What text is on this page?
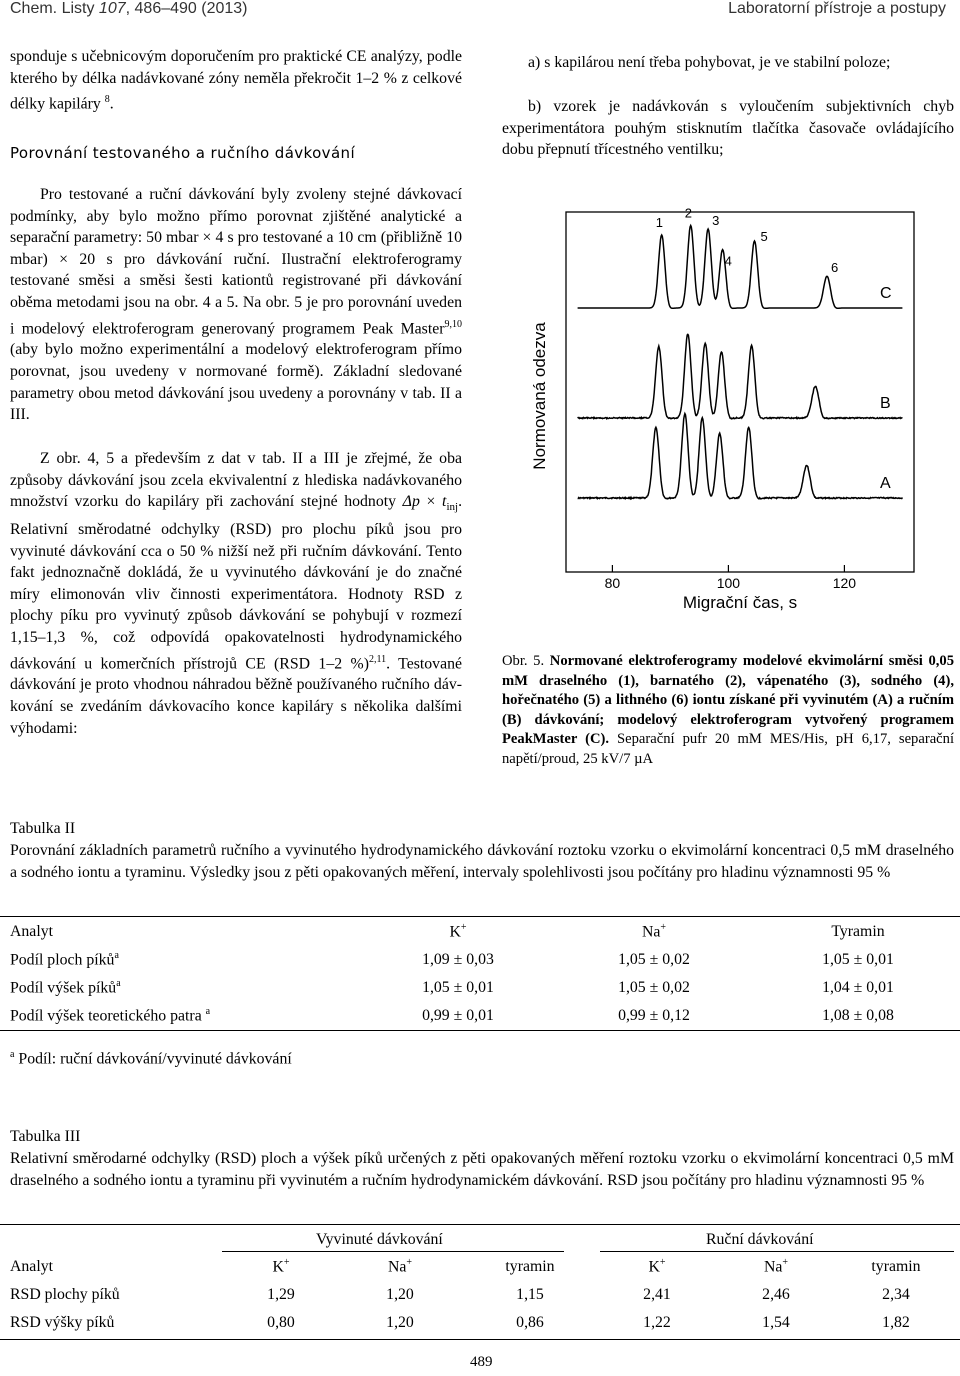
Chem. Listy 107, 486–490 (2013)	Laboratorní přístroje a postupy
sponduje s učebnicovým doporučením pro praktické CE analýzy, podle kterého by délka nadávkované zóny neměla překročit 1–2 % z celkové délky kapiláry $^8$.
Porovnání testovaného a ručního dávkování
Pro testované a ruční dávkování byly zvoleny stejné dávkovací podmínky, aby bylo možno přímo porovnat zjištěné analytické a separační parametry: 50 mbar × 4 s pro testované a 10 cm (přibližně 10 mbar) × 20 s pro dávkování ruční. Ilustrační elektroferogramy testované směsi a směsi šesti kationtů registrované při dávkování oběma metodami jsou na obr. 4 a 5. Na obr. 5 je pro porovnání uveden i modelový elektroferogram generovaný programem Peak Master$^{9,10}$ (aby bylo možno experimentální a modelový elektroferogram přímo porovnat, jsou uvedeny v normované formě). Základní sledované parametry obou metod dávkování jsou uvedeny a porovnány v tab. II a III.
Z obr. 4, 5 a především z dat v tab. II a III je zřejmé, že oba způsoby dávkování jsou zcela ekvivalentní z hlediska nadávkovaného množství vzorku do kapiláry při zachování stejné hodnoty $\Delta p \times t_{inj}$. Relativní směrodatné odchylky (RSD) pro plochu píků jsou pro vyvinuté dávkování cca o 50 % nižší než při ručním dávkování. Tento fakt jednoznačně dokládá, že u vyvinutého dávkování je do značné míry elimonován vliv činnosti experimentátora. Hodnoty RSD z plochy píku pro vyvinutý způsob dávkování se pohybují v rozmezí 1,15–1,3 %, což odpovídá opakovatelnosti hydrodynamického dávkování u komerčních přístrojů CE (RSD 1–2 %)$^{2,11}$. Testované dávkování je proto vhodnou náhradou běžně používaného ručního dávkování se zvedáním dávkovacího konce kapiláry s několika dalšími výhodami:
a) s kapilárou není třeba pohybovat, je ve stabilní poloze;
b) vzorek je nadávkován s vyloučením subjektivních chyb experimentátora pouhým stisknutím tlačítka časovače ovládajícího dobu přepnutí třícestného ventilku;
80	100	120
1
2 3
4
5
6
C
B
A
Normovaná odezva
Migrační čas, s
Obr. 5. Normované elektroferogramy modelové ekvimolární směsi 0,05 mM draselného (1), barnatého (2), vápenatého (3), sodného (4), hořečnatého (5) a lithného (6) iontu získané při vyvinutém (A) a ručním (B) dávkování; modelový elektroferogram vytvořený programem PeakMaster (C). Separační pufr 20 mM MES/His, pH 6,17, separační napětí/proud, 25 kV/7 µA
Tabulka II
Porovnání základních parametrů ručního a vyvinutého hydrodynamického dávkování roztoku vzorku o ekvimolární koncentraci 0,5 mM draselného a sodného iontu a tyraminu. Výsledky jsou z pěti opakovaných měření, intervaly spolehlivosti jsou počítány pro hladinu významnosti 95 %
Analyt	K+	Na+	Tyramin
Podíl ploch píků$^a$	1,09 ± 0,03	1,05 ± 0,02	1,05 ± 0,01
Podíl výšek píků$^a$	1,05 ± 0,01	1,05 ± 0,02	1,04 ± 0,01
Podíl výšek teoretického patra $^a$	0,99 ± 0,01	0,99 ± 0,12	1,08 ± 0,08
$^a$ Podíl: ruční dávkování/vyvinuté dávkování
Tabulka III
Relativní směrodarné odchylky (RSD) ploch a výšek píků určených z pěti opakovaných měření roztoku vzorku o ekvimolární koncentraci 0,5 mM draselného a sodného iontu a tyraminu při vyvinutém a ručním hydrodynamickém dávkování. RSD jsou počítány pro hladinu významnosti 95 %
Vyvinuté dávkování	Ruční dávkování
Analyt	K+	Na+	tyramin	K+	Na+	tyramin
RSD plochy píků	1,29	1,20	1,15	2,41	2,46	2,34
RSD výšky píků	0,80	1,20	0,86	1,22	1,54	1,82
489
